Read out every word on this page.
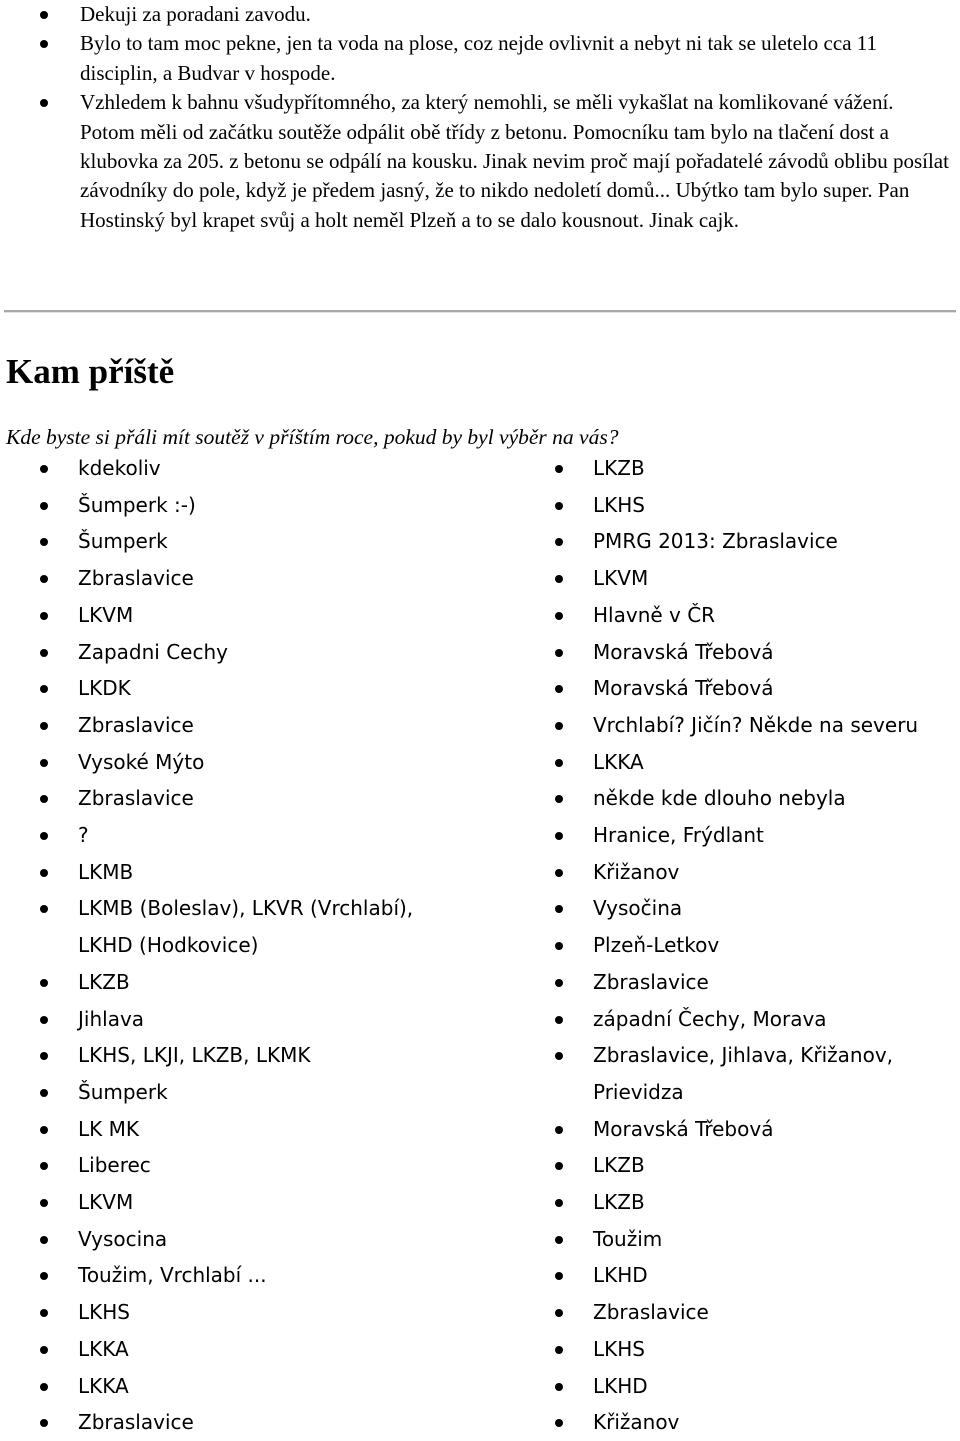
Dekuji za poradani zavodu.
Bylo to tam moc pekne, jen ta voda na plose, coz nejde ovlivnit a nebyt ni tak se uletelo cca 11 disciplin, a Budvar v hospode.
Vzhledem k bahnu všudypřítomného, za který nemohli, se měli vykašlat na komlikované vážení. Potom měli od začátku soutěže odpálit obě třídy z betonu. Pomocníku tam bylo na tlačení dost a klubovka za 205. z betonu se odpálí na kousku. Jinak nevim proč mají pořadatelé závodů oblibu posílat závodníky do pole, když je předem jasný, že to nikdo nedoletí domů... Ubýtko tam bylo super. Pan Hostinský byl krapet svůj a holt neměl Plzeň a to se dalo kousnout. Jinak cajk.
Kam příště

Kde byste si přáli mít soutěž v příštím roce, pokud by byl výběr na vás?

kdekoliv
Šumperk :-)
Šumperk
Zbraslavice
LKVM
Zapadni Cechy
LKDK
Zbraslavice
Vysoké Mýto
Zbraslavice
?
LKMB
LKMB (Boleslav), LKVR (Vrchlabí), LKHD (Hodkovice)
LKZB
Jihlava
LKHS, LKJI, LKZB, LKMK
Šumperk
LK MK
Liberec
LKVM
Vysocina
Toužim, Vrchlabí ...
LKHS
LKKA
LKKA
Zbraslavice
LKZB
LKHS
PMRG 2013: Zbraslavice
LKVM
Hlavně v ČR
Moravská Třebová
Moravská Třebová
Vrchlabí? Jičín? Někde na severu
LKKA
někde kde dlouho nebyla
Hranice, Frýdlant
Křižanov
Vysočina
Plzeň-Letkov
Zbraslavice
západní Čechy, Morava
Zbraslavice, Jihlava, Křižanov, Prievidza
Moravská Třebová
LKZB
LKZB
Toužim
LKHD
Zbraslavice
LKHS
LKHD
Křižanov
